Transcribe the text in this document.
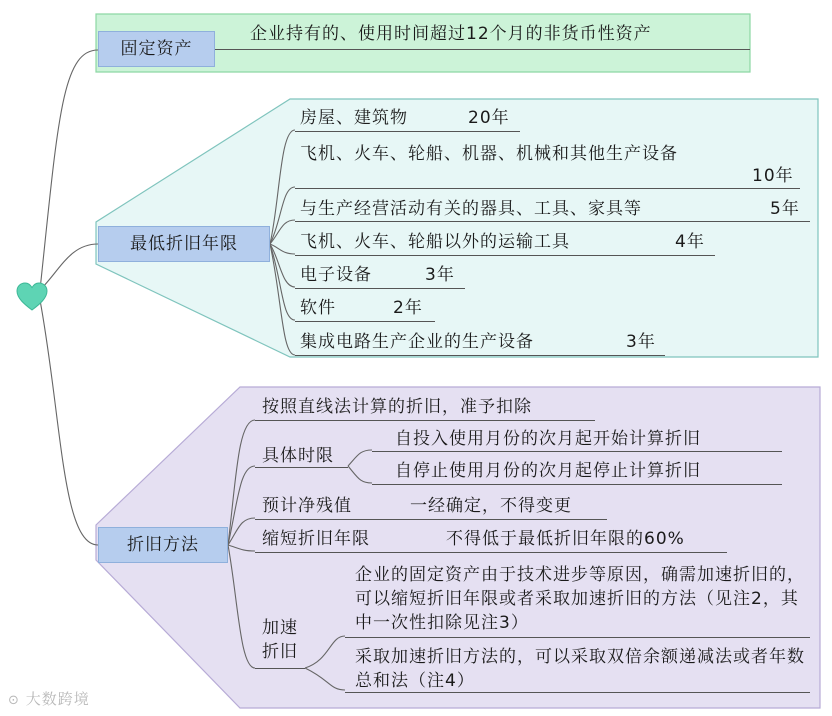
固定资产
最低折旧年限
折旧方法
企业持有的、使用时间超过12个月的非货币性资产
房屋、建筑物	20年
飞机、火车、轮船、机器、机械和其他生产设备
10年
与生产经营活动有关的器具、工具、家具等	5年
飞机、火车、轮船以外的运输工具	4年
电子设备	3年
软件	2年
集成电路生产企业的生产设备	3年
按照直线法计算的折旧，准予扣除
具体时限
自投入使用月份的次月起开始计算折旧
自停止使用月份的次月起停止计算折旧
预计净残值	一经确定，不得变更
缩短折旧年限	不得低于最低折旧年限的60%
加速折旧
企业的固定资产由于技术进步等原因，确需加速折旧的，可以缩短折旧年限或者采取加速折旧的方法（见注2，其中一次性扣除见注3）
采取加速折旧方法的，可以采取双倍余额递减法或者年数总和法（注4）
⊙ 大数跨境
